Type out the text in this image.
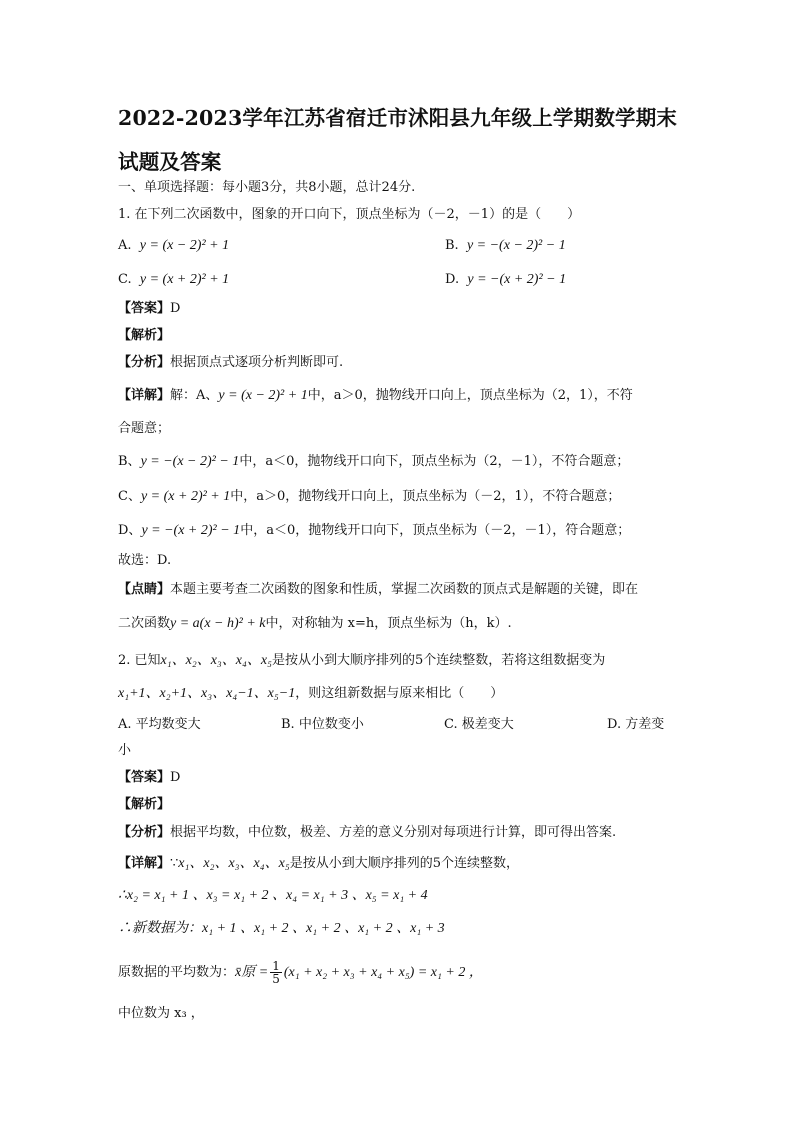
2022-2023学年江苏省宿迁市沭阳县九年级上学期数学期末试题及答案
一、单项选择题：每小题3分，共8小题，总计24分.
1. 在下列二次函数中，图象的开口向下，顶点坐标为（－2，－1）的是（　　）
A. y = (x − 2)² + 1	B. y = −(x − 2)² − 1
C. y = (x + 2)² + 1	D. y = −(x + 2)² − 1
【答案】D
【解析】
【分析】根据顶点式逐项分析判断即可.
【详解】解：A、y = (x − 2)² + 1中，a＞0，抛物线开口向上，顶点坐标为（2，1），不符
合题意；
B、y = −(x − 2)² − 1中，a＜0，抛物线开口向下，顶点坐标为（2，－1），不符合题意；
C、y = (x + 2)² + 1中，a＞0，抛物线开口向上，顶点坐标为（－2，1），不符合题意；
D、y = −(x + 2)² − 1中，a＜0，抛物线开口向下，顶点坐标为（－2，－1），符合题意；
故选：D.
【点睛】本题主要考查二次函数的图象和性质，掌握二次函数的顶点式是解题的关键，即在
二次函数y = a(x − h)² + k中，对称轴为 x=h，顶点坐标为（h，k）.
2. 已知x₁、x₂、x₃、x₄、x₅是按从小到大顺序排列的5个连续整数，若将这组数据变为
x₁+1、x₂+1、x₃、x₄−1、x₅−1，则这组新数据与原来相比（　　）
A. 平均数变大	B. 中位数变小	C. 极差变大	D. 方差变
小
【答案】D
【解析】
【分析】根据平均数，中位数，极差、方差的意义分别对每项进行计算，即可得出答案.
【详解】∵x₁、x₂、x₃、x₄、x₅是按从小到大顺序排列的5个连续整数，
∴x₂ = x₁ + 1 、x₃ = x₁ + 2 、x₄ = x₁ + 3 、x₅ = x₁ + 4
∴新数据为：x₁ + 1 、x₁ + 2 、x₁ + 2 、x₁ + 2 、x₁ + 3
原数据的平均数为：x̄原 = $\frac{1}{5} (x_1 + x_2 + x_3 + x_4 + x_5) = x_1 + 2$ ，
中位数为 x₃ ，
